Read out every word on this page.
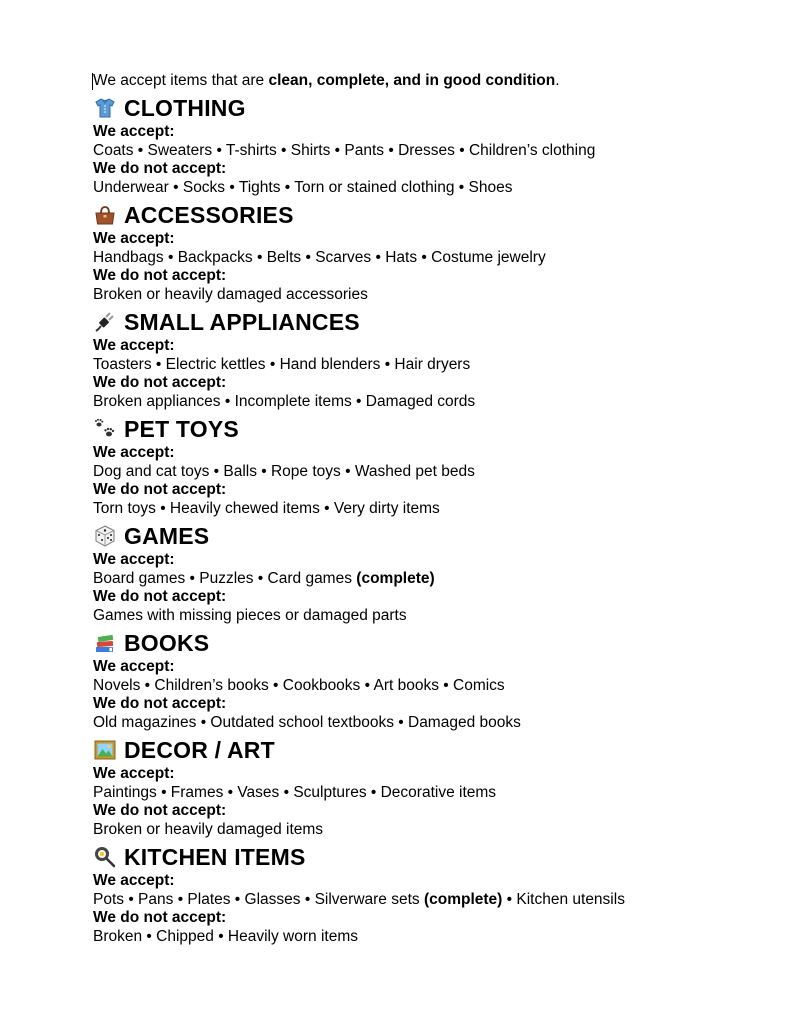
We accept items that are clean, complete, and in good condition.
CLOTHING
We accept:
Coats • Sweaters • T-shirts • Shirts • Pants • Dresses • Children’s clothing
We do not accept:
Underwear • Socks • Tights • Torn or stained clothing • Shoes
ACCESSORIES
We accept:
Handbags • Backpacks • Belts • Scarves • Hats • Costume jewelry
We do not accept:
Broken or heavily damaged accessories
SMALL APPLIANCES
We accept:
Toasters • Electric kettles • Hand blenders • Hair dryers
We do not accept:
Broken appliances • Incomplete items • Damaged cords
PET TOYS
We accept:
Dog and cat toys • Balls • Rope toys • Washed pet beds
We do not accept:
Torn toys • Heavily chewed items • Very dirty items
GAMES
We accept:
Board games • Puzzles • Card games (complete)
We do not accept:
Games with missing pieces or damaged parts
BOOKS
We accept:
Novels • Children’s books • Cookbooks • Art books • Comics
We do not accept:
Old magazines • Outdated school textbooks • Damaged books
DECOR / ART
We accept:
Paintings • Frames • Vases • Sculptures • Decorative items
We do not accept:
Broken or heavily damaged items
KITCHEN ITEMS
We accept:
Pots • Pans • Plates • Glasses • Silverware sets (complete) • Kitchen utensils
We do not accept:
Broken • Chipped • Heavily worn items
